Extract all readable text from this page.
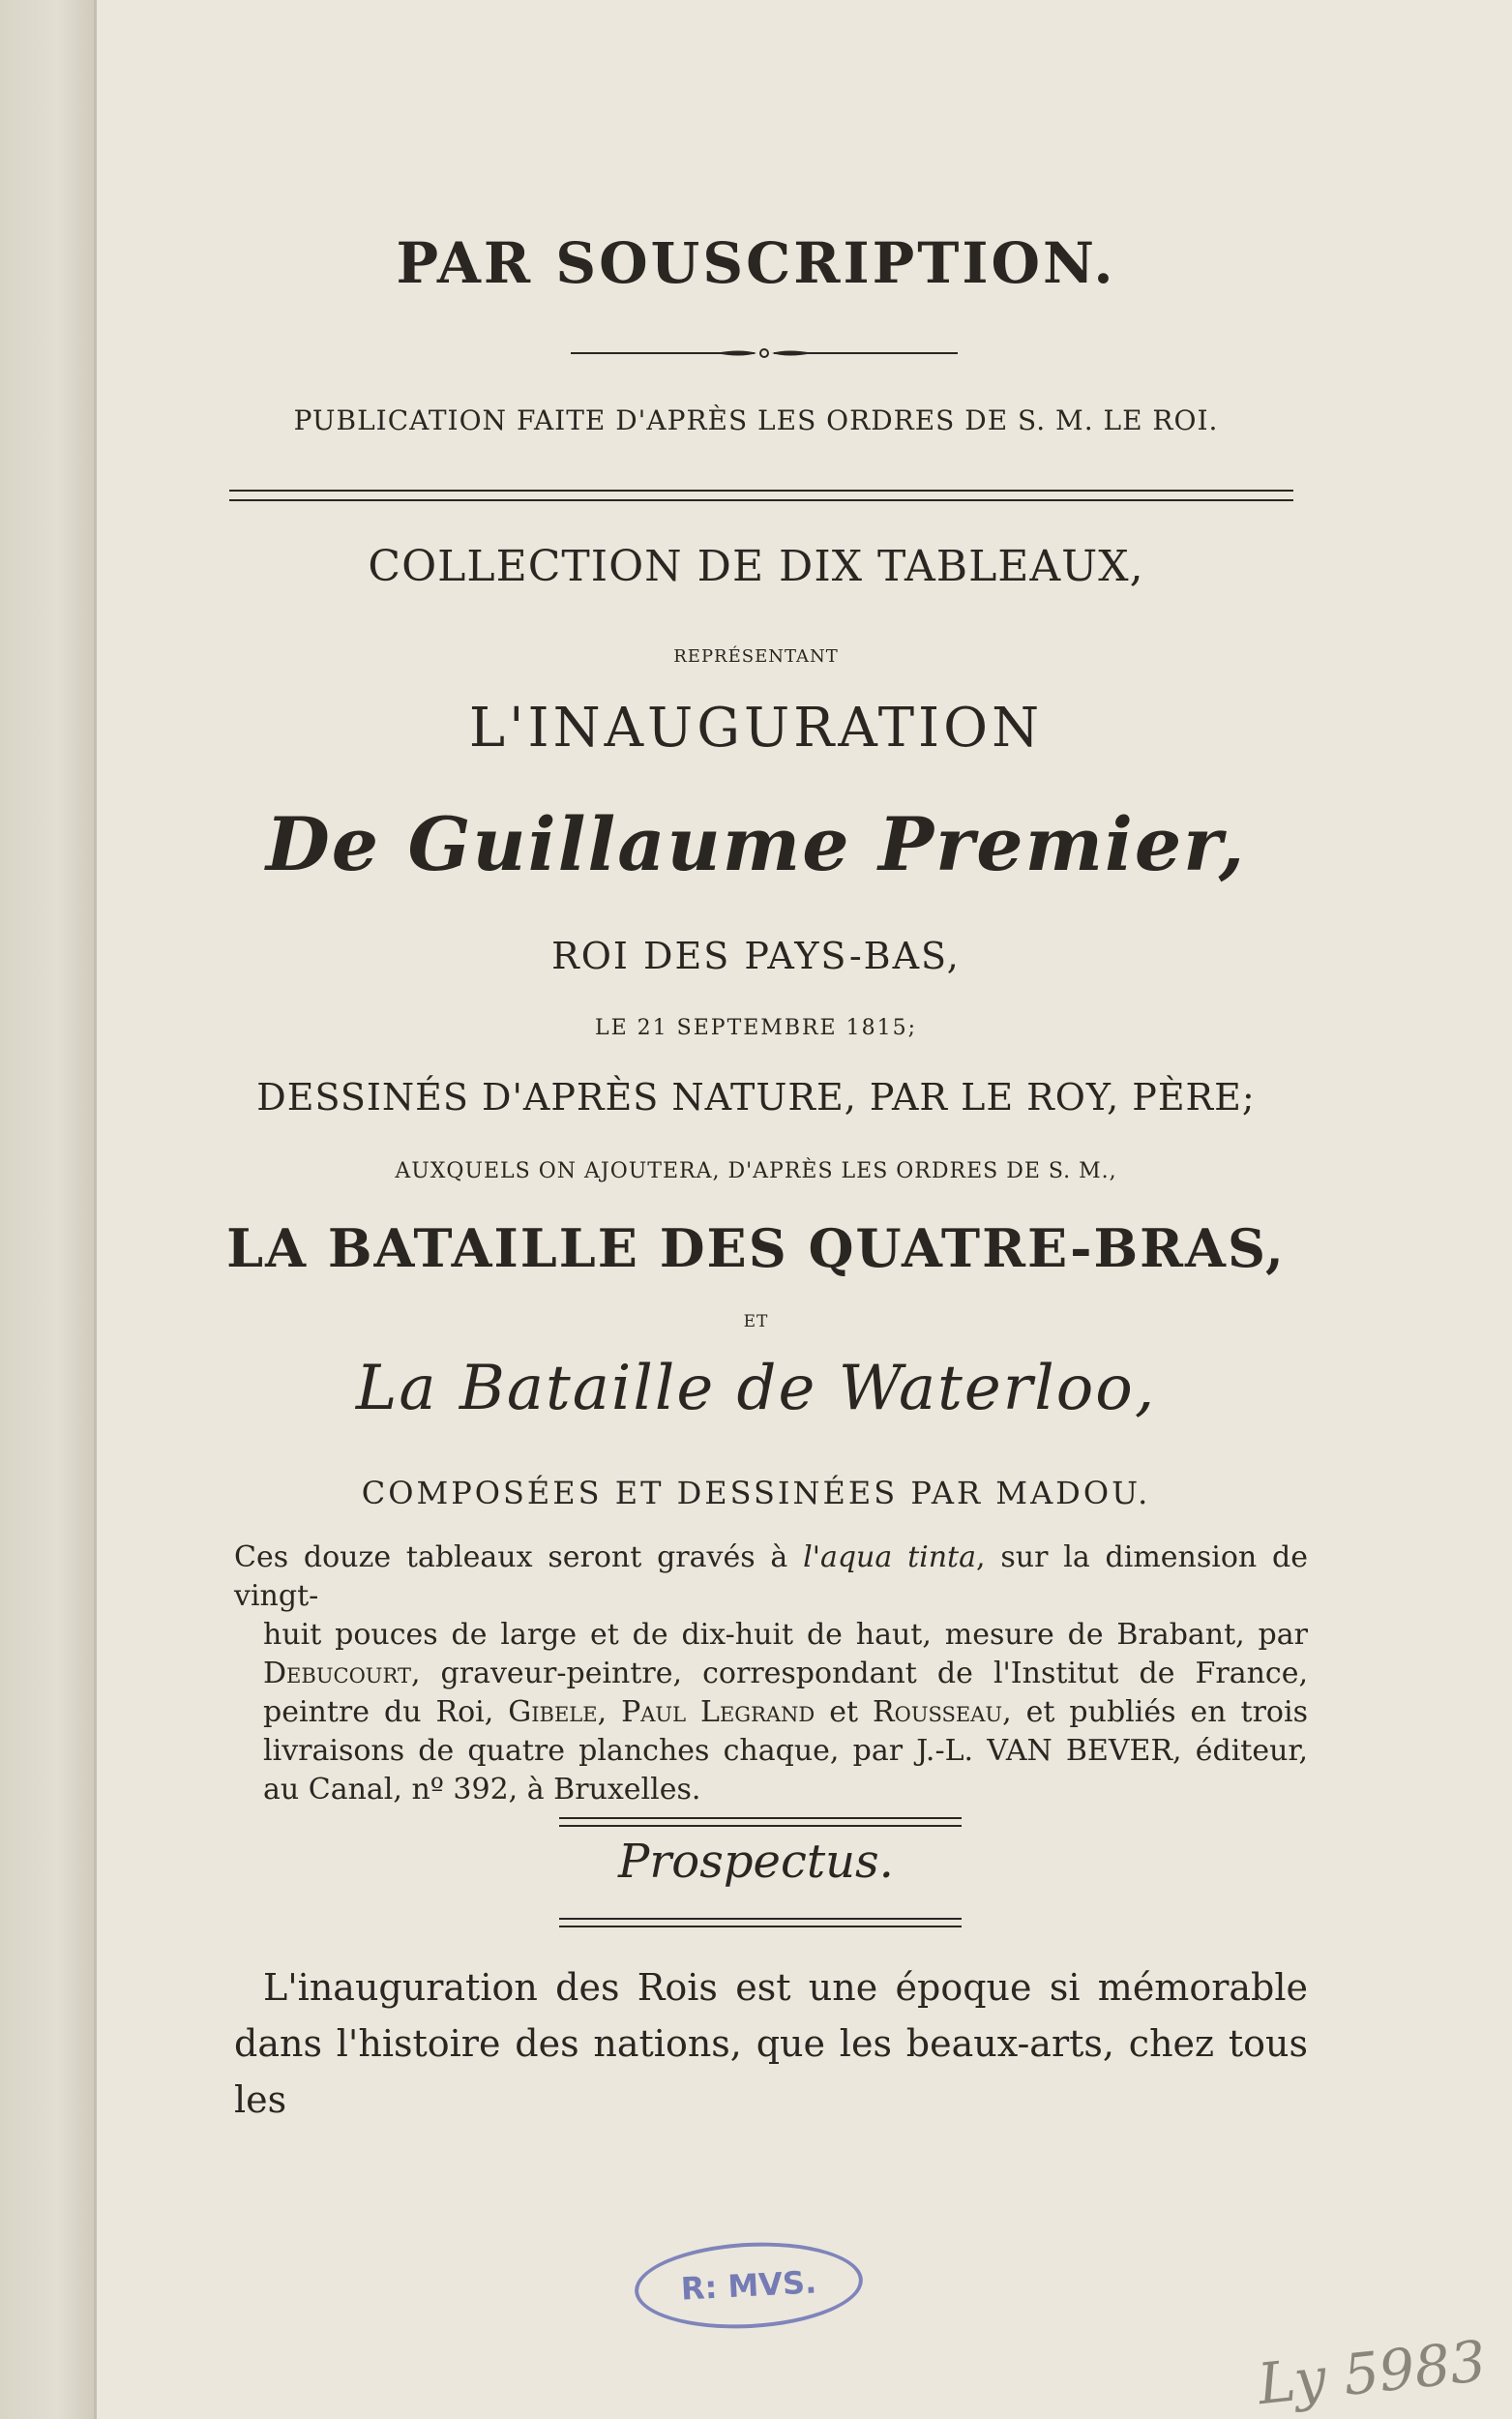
PAR SOUSCRIPTION.
PUBLICATION FAITE D'APRÈS LES ORDRES DE S. M. LE ROI.
COLLECTION DE DIX TABLEAUX,
REPRÉSENTANT
L'INAUGURATION
De Guillaume Premier,
ROI DES PAYS-BAS,
LE 21 SEPTEMBRE 1815;
DESSINÉS D'APRÈS NATURE, PAR LE ROY, PÈRE;
AUXQUELS ON AJOUTERA, D'APRÈS LES ORDRES DE S. M.,
LA BATAILLE DES QUATRE-BRAS,
ET
La Bataille de Waterloo,
COMPOSÉES ET DESSINÉES PAR MADOU.
Ces douze tableaux seront gravés à l'aqua tinta, sur la dimension de vingt-
huit pouces de large et de dix-huit de haut, mesure de Brabant, par
Debucourt, graveur-peintre, correspondant de l'Institut de France,
peintre du Roi, Gibele, Paul Legrand et Rousseau, et publiés en trois
livraisons de quatre planches chaque, par J.-L. VAN BEVER, éditeur,
au Canal, nº 392, à Bruxelles.
Prospectus.
L'inauguration des Rois est une époque si mémorable
dans l'histoire des nations, que les beaux-arts, chez tous les
R: MVS.
Ly 5983
